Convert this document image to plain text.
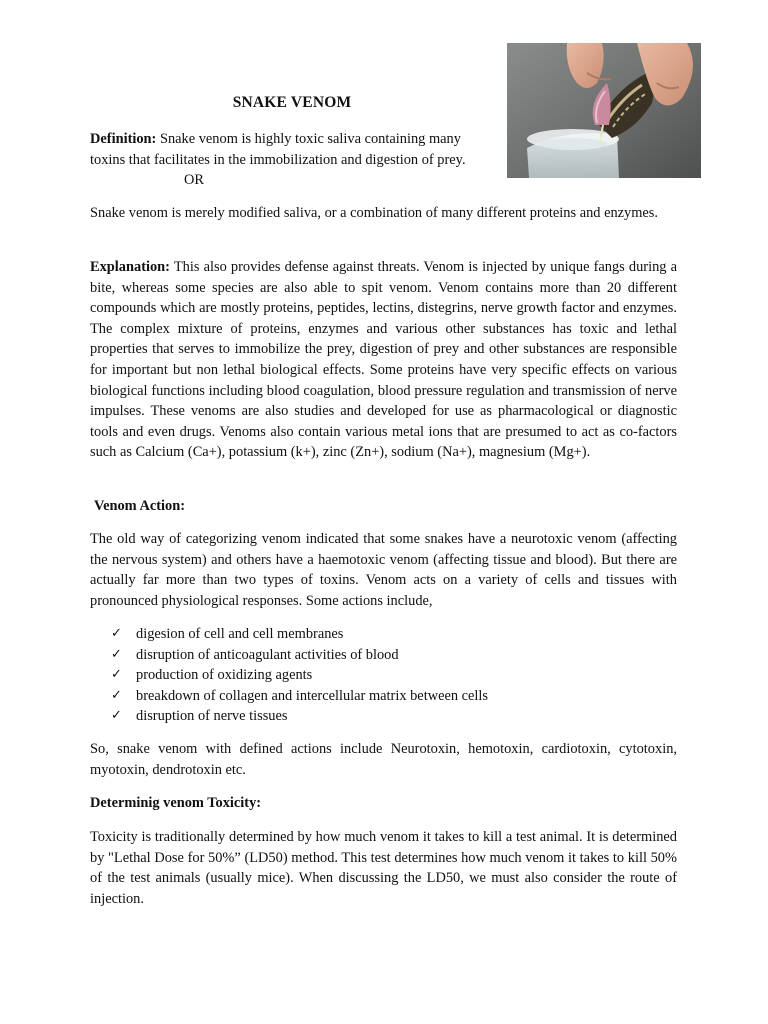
SNAKE VENOM

Definition: Snake venom is highly toxic saliva containing many toxins that facilitates in the immobilization and digestion of prey.

OR

Snake venom is merely modified saliva, or a combination of many different proteins and enzymes.

Explanation: This also provides defense against threats. Venom is injected by unique fangs during a bite, whereas some species are also able to spit venom. Venom contains more than 20 different compounds which are mostly proteins, peptides, lectins, distegrins, nerve growth factor and enzymes. The complex mixture of proteins, enzymes and various other substances has toxic and lethal properties that serves to immobilize the prey, digestion of prey and other substances are responsible for important but non lethal biological effects. Some proteins have very specific effects on various biological functions including blood coagulation, blood pressure regulation and transmission of nerve impulses. These venoms are also studies and developed for use as pharmacological or diagnostic tools and even drugs. Venoms also contain various metal ions that are presumed to act as co-factors such as Calcium (Ca+), potassium (k+), zinc (Zn+), sodium (Na+), magnesium (Mg+).

Venom Action:

The old way of categorizing venom indicated that some snakes have a neurotoxic venom (affecting the nervous system) and others have a haemotoxic venom (affecting tissue and blood). But there are actually far more than two types of toxins. Venom acts on a variety of cells and tissues with pronounced physiological responses. Some actions include,

✓ digesion of cell and cell membranes
✓ disruption of anticoagulant activities of blood
✓ production of oxidizing agents
✓ breakdown of collagen and intercellular matrix between cells
✓ disruption of nerve tissues

So, snake venom with defined actions include Neurotoxin, hemotoxin, cardiotoxin, cytotoxin, myotoxin, dendrotoxin etc.

Determinig venom Toxicity:

Toxicity is traditionally determined by how much venom it takes to kill a test animal. It is determined by "Lethal Dose for 50%” (LD50) method. This test determines how much venom it takes to kill 50% of the test animals (usually mice). When discussing the LD50, we must also consider the route of injection.
